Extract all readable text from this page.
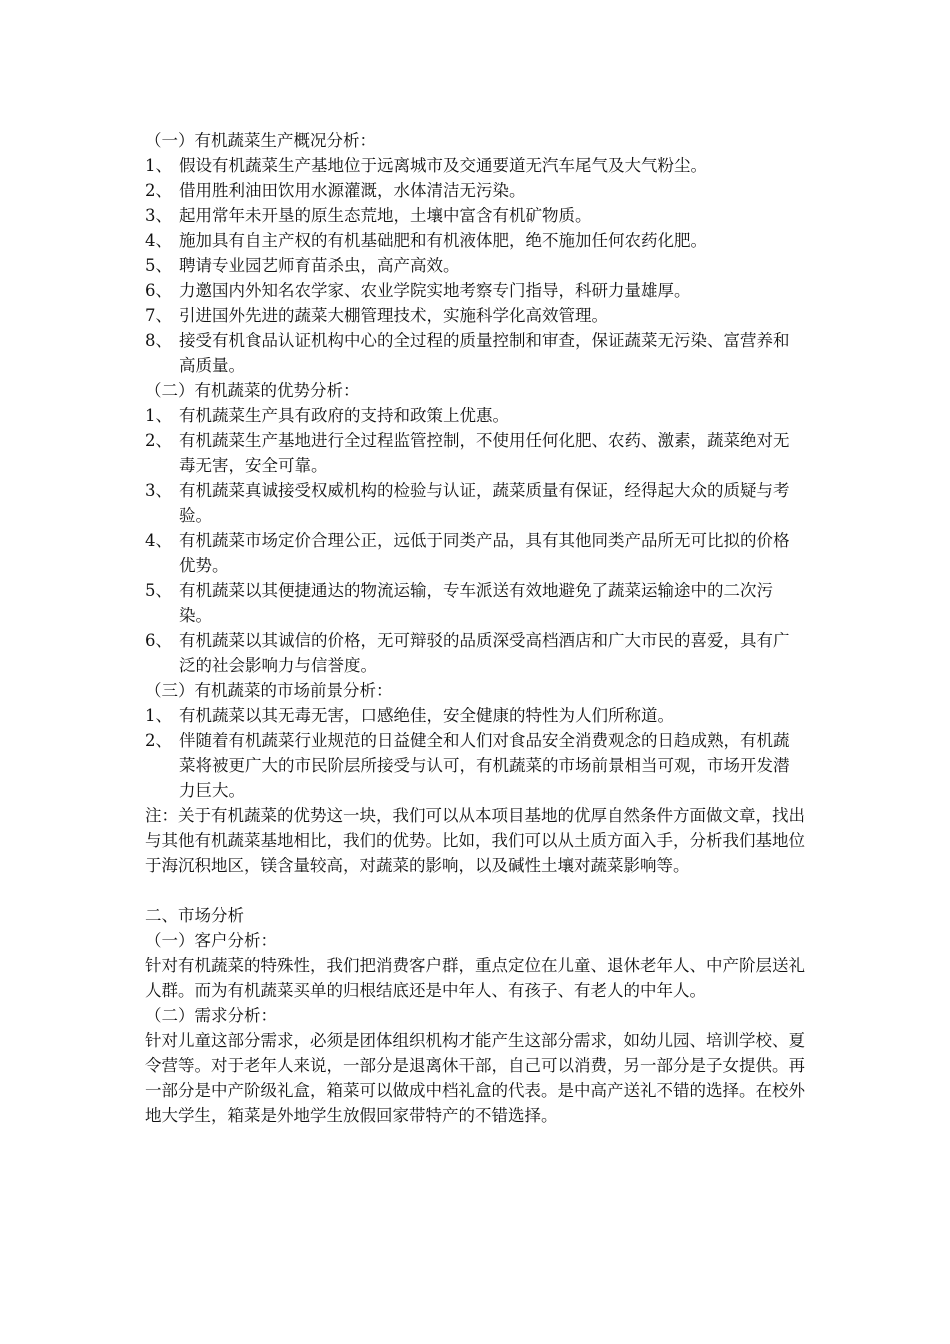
（一）有机蔬菜生产概况分析：

1、 假设有机蔬菜生产基地位于远离城市及交通要道无汽车尾气及大气粉尘。
2、 借用胜利油田饮用水源灌溉，水体清洁无污染。
3、 起用常年未开垦的原生态荒地，土壤中富含有机矿物质。
4、 施加具有自主产权的有机基础肥和有机液体肥，绝不施加任何农药化肥。
5、 聘请专业园艺师育苗杀虫，高产高效。
6、 力邀国内外知名农学家、农业学院实地考察专门指导，科研力量雄厚。
7、 引进国外先进的蔬菜大棚管理技术，实施科学化高效管理。
8、 接受有机食品认证机构中心的全过程的质量控制和审查，保证蔬菜无污染、富营养和高质量。

（二）有机蔬菜的优势分析：

1、 有机蔬菜生产具有政府的支持和政策上优惠。
2、 有机蔬菜生产基地进行全过程监管控制，不使用任何化肥、农药、激素，蔬菜绝对无毒无害，安全可靠。
3、 有机蔬菜真诚接受权威机构的检验与认证，蔬菜质量有保证，经得起大众的质疑与考验。
4、 有机蔬菜市场定价合理公正，远低于同类产品，具有其他同类产品所无可比拟的价格优势。
5、 有机蔬菜以其便捷通达的物流运输，专车派送有效地避免了蔬菜运输途中的二次污染。
6、 有机蔬菜以其诚信的价格，无可辩驳的品质深受高档酒店和广大市民的喜爱，具有广泛的社会影响力与信誉度。

（三）有机蔬菜的市场前景分析：

1、 有机蔬菜以其无毒无害，口感绝佳，安全健康的特性为人们所称道。
2、 伴随着有机蔬菜行业规范的日益健全和人们对食品安全消费观念的日趋成熟，有机蔬菜将被更广大的市民阶层所接受与认可，有机蔬菜的市场前景相当可观，市场开发潜力巨大。

注：关于有机蔬菜的优势这一块，我们可以从本项目基地的优厚自然条件方面做文章，找出与其他有机蔬菜基地相比，我们的优势。比如，我们可以从土质方面入手，分析我们基地位于海沉积地区，镁含量较高，对蔬菜的影响，以及碱性土壤对蔬菜影响等。

二、市场分析

（一）客户分析：

针对有机蔬菜的特殊性，我们把消费客户群，重点定位在儿童、退休老年人、中产阶层送礼人群。而为有机蔬菜买单的归根结底还是中年人、有孩子、有老人的中年人。

（二）需求分析：

针对儿童这部分需求，必须是团体组织机构才能产生这部分需求，如幼儿园、培训学校、夏令营等。对于老年人来说，一部分是退离休干部，自己可以消费，另一部分是子女提供。再一部分是中产阶级礼盒，箱菜可以做成中档礼盒的代表。是中高产送礼不错的选择。在校外地大学生，箱菜是外地学生放假回家带特产的不错选择。
